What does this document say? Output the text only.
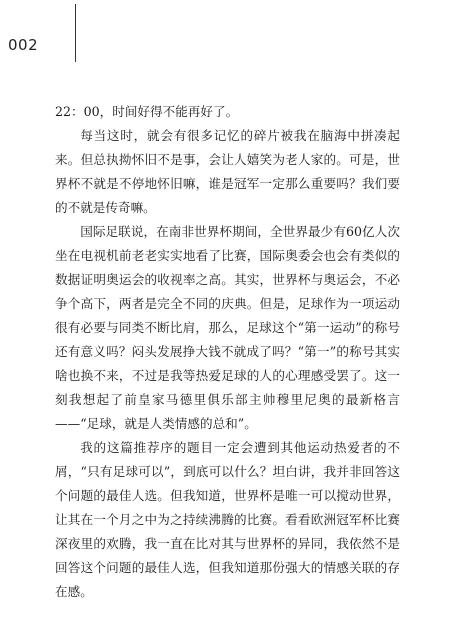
002

22：00，时间好得不能再好了。

每当这时，就会有很多记忆的碎片被我在脑海中拼凑起来。但总执拗怀旧不是事，会让人嬉笑为老人家的。可是，世界杯不就是不停地怀旧嘛，谁是冠军一定那么重要吗？我们要的不就是传奇嘛。

国际足联说，在南非世界杯期间，全世界最少有60亿人次坐在电视机前老老实实地看了比赛，国际奥委会也会有类似的数据证明奥运会的收视率之高。其实，世界杯与奥运会，不必争个高下，两者是完全不同的庆典。但是，足球作为一项运动很有必要与同类不断比肩，那么，足球这个“第一运动”的称号还有意义吗？闷头发展挣大钱不就成了吗？“第一”的称号其实啥也换不来，不过是我等热爱足球的人的心理感受罢了。这一刻我想起了前皇家马德里俱乐部主帅穆里尼奥的最新格言——“足球，就是人类情感的总和”。

我的这篇推荐序的题目一定会遭到其他运动热爱者的不屑，“只有足球可以”，到底可以什么？坦白讲，我并非回答这个问题的最佳人选。但我知道，世界杯是唯一可以搅动世界，让其在一个月之中为之持续沸腾的比赛。看看欧洲冠军杯比赛深夜里的欢腾，我一直在比对其与世界杯的异同，我依然不是回答这个问题的最佳人选，但我知道那份强大的情感关联的存在感。
